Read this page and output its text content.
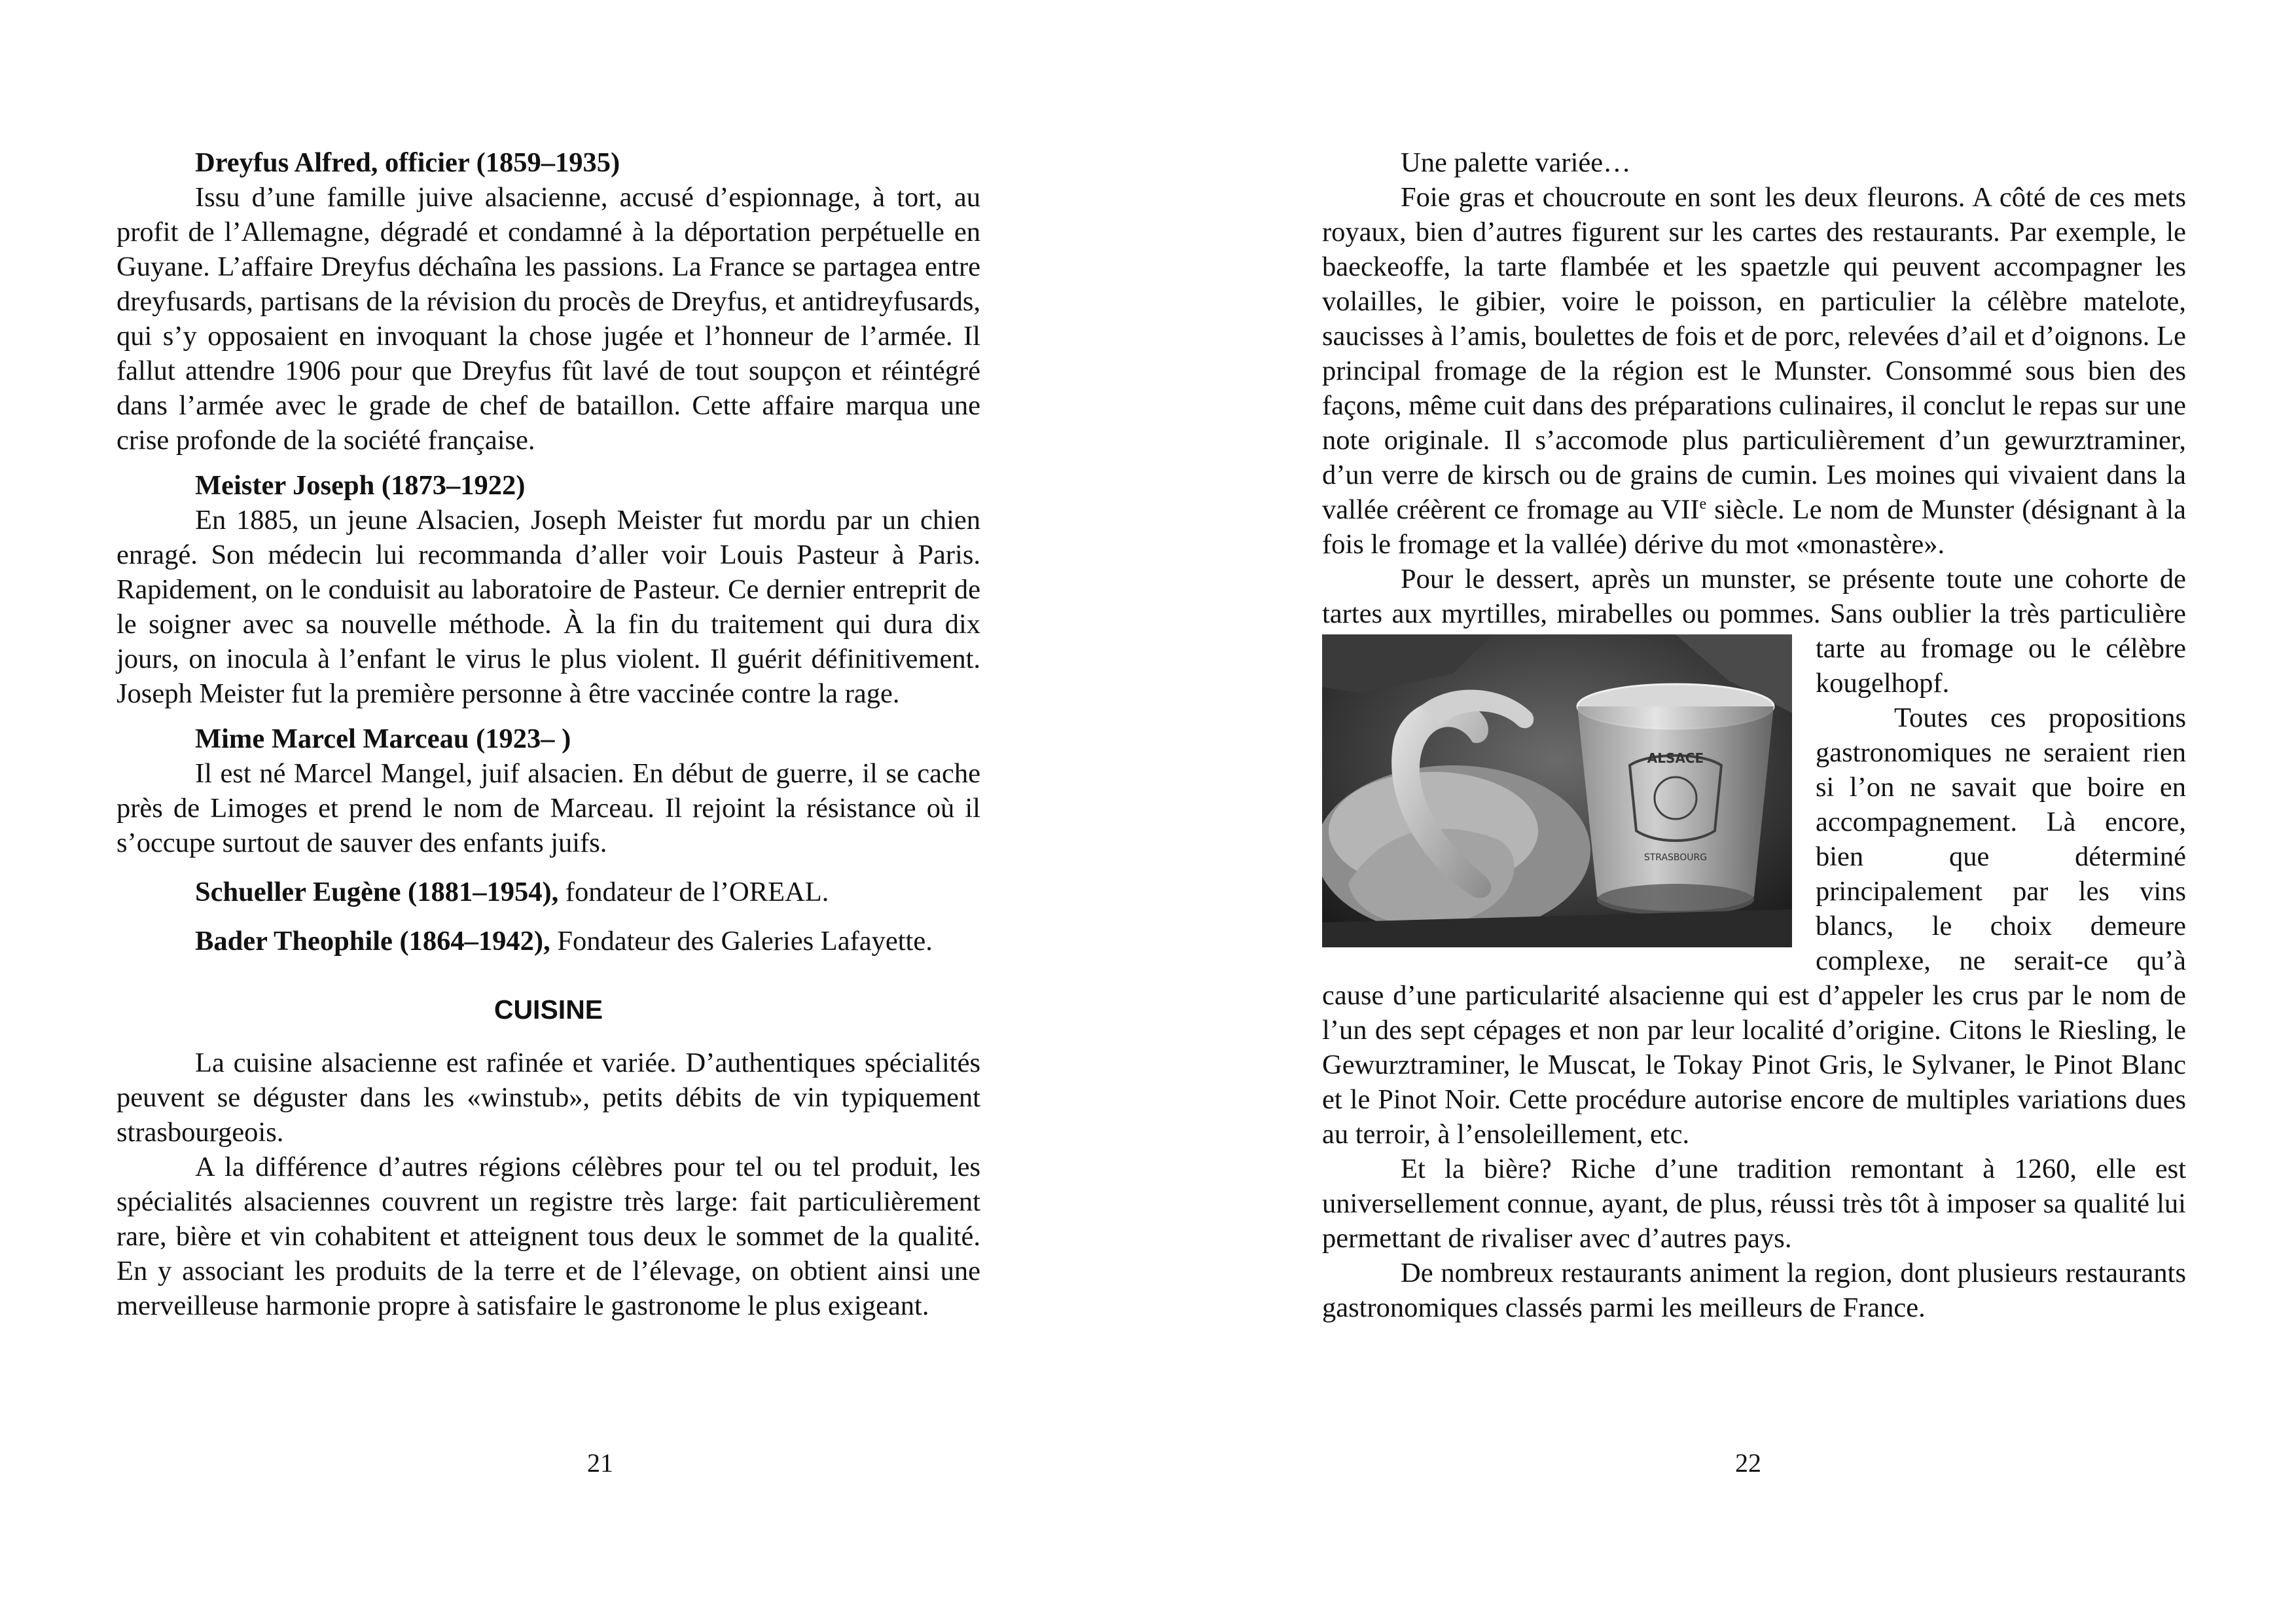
Dreyfus Alfred, officier (1859–1935)

Issu d’une famille juive alsacienne, accusé d’espionnage, à tort, au profit de l’Allemagne, dégradé et condamné à la déportation perpétuelle en Guyane. L’affaire Dreyfus déchaîna les passions. La France se partagea entre dreyfusards, partisans de la révision du procès de Dreyfus, et antidreyfusards, qui s’y opposaient en invoquant la chose jugée et l’honneur de l’armée. Il fallut attendre 1906 pour que Dreyfus fût lavé de tout soupçon et réintégré dans l’armée avec le grade de chef de bataillon. Cette affaire marqua une crise profonde de la société française.

Meister Joseph (1873–1922)

En 1885, un jeune Alsacien, Joseph Meister fut mordu par un chien enragé. Son médecin lui recommanda d’aller voir Louis Pasteur à Paris. Rapidement, on le conduisit au laboratoire de Pasteur. Ce dernier entreprit de le soigner avec sa nouvelle méthode. À la fin du traitement qui dura dix jours, on inocula à l’enfant le virus le plus violent. Il guérit définitivement. Joseph Meister fut la première personne à être vaccinée contre la rage.

Mime Marcel Marceau (1923– )

Il est né Marcel Mangel, juif alsacien. En début de guerre, il se cache près de Limoges et prend le nom de Marceau. Il rejoint la résistance où il s’occupe surtout de sauver des enfants juifs.

Schueller Eugène (1881–1954), fondateur de l’OREAL.

Bader Theophile (1864–1942), Fondateur des Galeries Lafayette.

CUISINE

La cuisine alsacienne est rafinée et variée. D’authentiques spécialités peuvent se déguster dans les «winstub», petits débits de vin typiquement strasbourgeois.

A la différence d’autres régions célèbres pour tel ou tel produit, les spécialités alsaciennes couvrent un registre très large: fait particulièrement rare, bière et vin cohabitent et atteignent tous deux le sommet de la qualité. En y associant les produits de la terre et de l’élevage, on obtient ainsi une merveilleuse harmonie propre à satisfaire le gastronome le plus exigeant.

21

Une palette variée…

Foie gras et choucroute en sont les deux fleurons. A côté de ces mets royaux, bien d’autres figurent sur les cartes des restaurants. Par exemple, le baeckeoffe, la tarte flambée et les spaetzle qui peuvent accompagner les volailles, le gibier, voire le poisson, en particulier la célèbre matelote, saucisses à l’amis, boulettes de fois et de porc, relevées d’ail et d’oignons. Le principal fromage de la région est le Munster. Consommé sous bien des façons, même cuit dans des préparations culinaires, il conclut le repas sur une note originale. Il s’accomode plus particulièrement d’un gewurztraminer, d’un verre de kirsch ou de grains de cumin. Les moines qui vivaient dans la vallée créèrent ce fromage au VIIe siècle. Le nom de Munster (désignant à la fois le fromage et la vallée) dérive du mot «monastère».

Pour le dessert, après un munster, se présente toute une cohorte de tartes aux myrtilles, mirabelles ou pommes. Sans oublier la très
ALSACE
STRASBOURG
particulière tarte au fromage ou le célèbre kougelhopf.

Toutes ces propositions gastronomiques ne seraient rien si l’on ne savait que boire en accompagnement. Là encore, bien que déterminé principalement par les vins blancs, le choix demeure complexe, ne serait-ce qu’à cause d’une particularité alsacienne qui est d’appeler les crus par le nom de l’un des sept cépages et non par leur localité d’origine. Citons le Riesling, le Gewurztraminer, le Muscat, le Tokay Pinot Gris, le Sylvaner, le Pinot Blanc et le Pinot Noir. Cette procédure autorise encore de multiples variations dues au terroir, à l’ensoleillement, etc.

Et la bière? Riche d’une tradition remontant à 1260, elle est universellement connue, ayant, de plus, réussi très tôt à imposer sa qualité lui permettant de rivaliser avec d’autres pays.

De nombreux restaurants animent la region, dont plusieurs restaurants gastronomiques classés parmi les meilleurs de France.

22
